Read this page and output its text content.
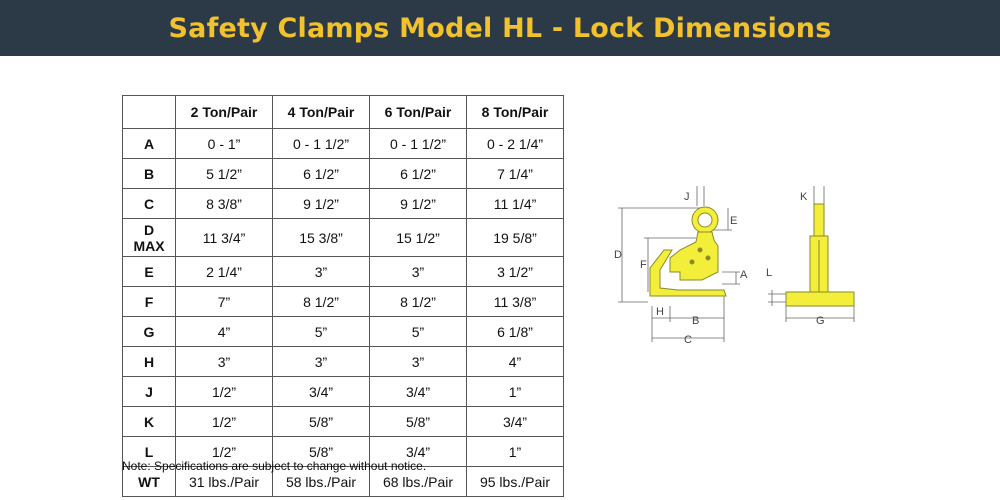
Safety Clamps Model HL - Lock Dimensions
	2 Ton/Pair	4 Ton/Pair	6 Ton/Pair	8 Ton/Pair
A	0 - 1”	0 - 1 1/2”	0 - 1 1/2”	0 - 2 1/4”
B	5 1/2”	6 1/2”	6 1/2”	7 1/4”
C	8 3/8”	9 1/2”	9 1/2”	11 1/4”
D MAX	11 3/4”	15 3/8”	15 1/2”	19 5/8”
E	2 1/4”	3”	3”	3 1/2”
F	7”	8 1/2”	8 1/2”	11 3/8”
G	4”	5”	5”	6 1/8”
H	3”	3”	3”	4”
J	1/2”	3/4”	3/4”	1”
K	1/2”	5/8”	5/8”	3/4”
L	1/2”	5/8”	3/4”	1”
WT	31 lbs./Pair	58 lbs./Pair	68 lbs./Pair	95 lbs./Pair
Note: Specifications are subject to change without notice.
D
F
E
A
J
H
B
C
K
L
G
